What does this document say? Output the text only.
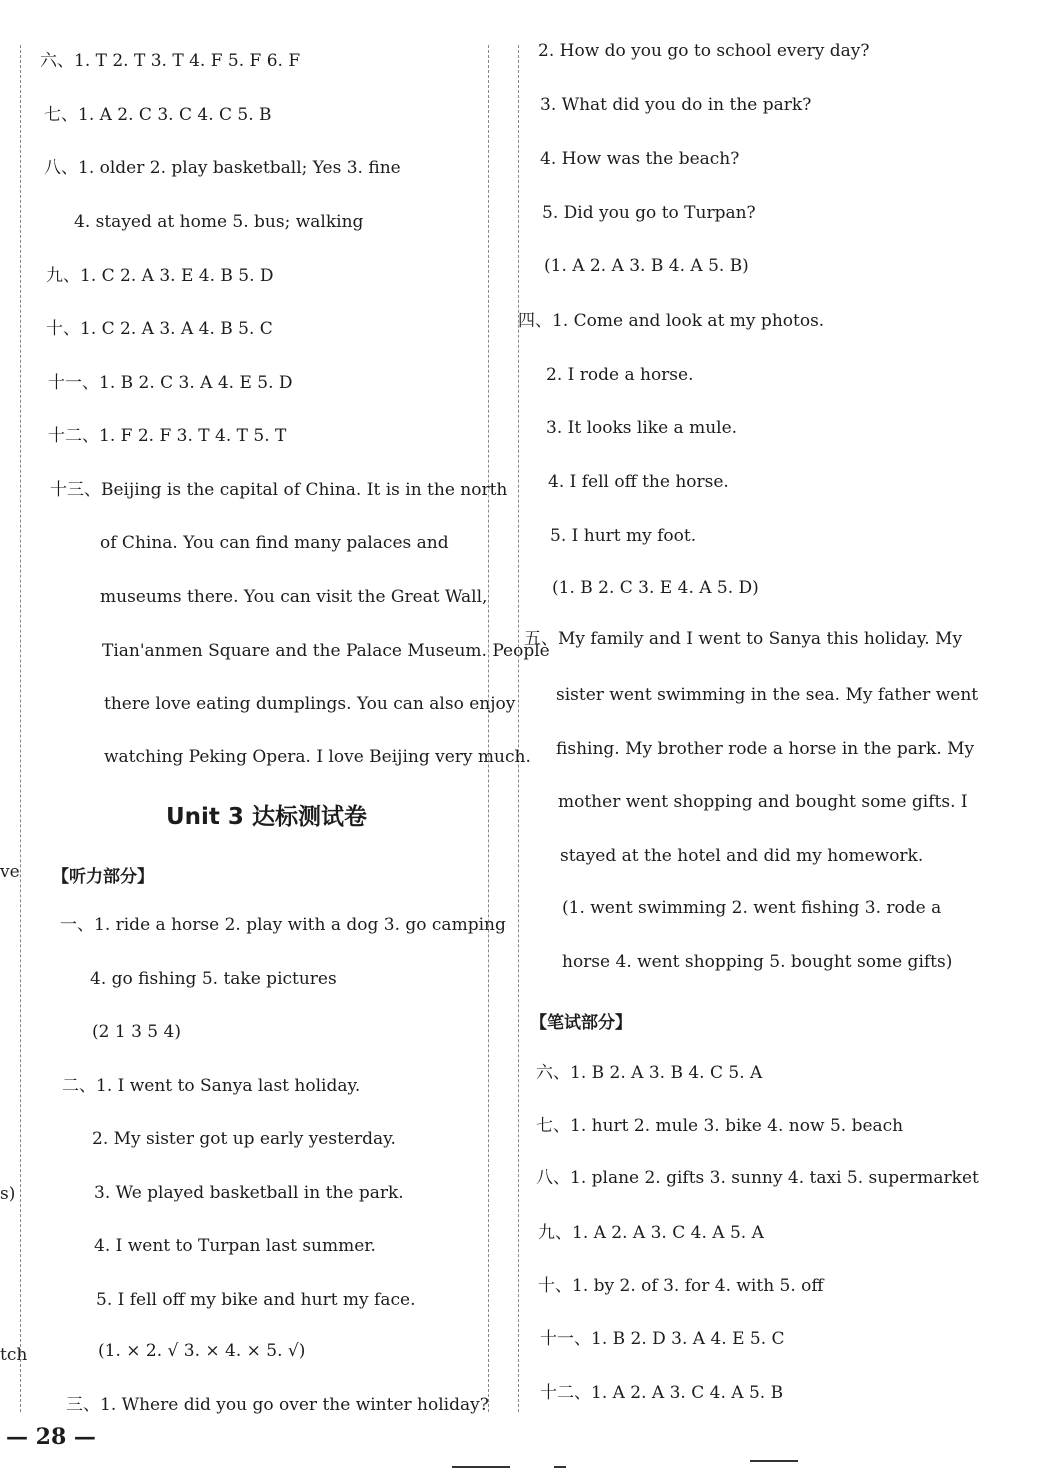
ve
s)
tch
六、1. T 2. T 3. T 4. F 5. F 6. F
七、1. A 2. C 3. C 4. C 5. B
八、1. older 2. play basketball; Yes 3. fine
4. stayed at home 5. bus; walking
九、1. C 2. A 3. E 4. B 5. D
十、1. C 2. A 3. A 4. B 5. C
十一、1. B 2. C 3. A 4. E 5. D
十二、1. F 2. F 3. T 4. T 5. T
十三、Beijing is the capital of China. It is in the north
of China. You can find many palaces and
museums there. You can visit the Great Wall,
Tian'anmen Square and the Palace Museum. People
there love eating dumplings. You can also enjoy
watching Peking Opera. I love Beijing very much.
Unit 3 达标测试卷
【听力部分】
一、1. ride a horse 2. play with a dog 3. go camping
4. go fishing 5. take pictures
(2 1 3 5 4)
二、1. I went to Sanya last holiday.
2. My sister got up early yesterday.
3. We played basketball in the park.
4. I went to Turpan last summer.
5. I fell off my bike and hurt my face.
(1. × 2. √ 3. × 4. × 5. √)
三、1. Where did you go over the winter holiday?
2. How do you go to school every day?
3. What did you do in the park?
4. How was the beach?
5. Did you go to Turpan?
(1. A 2. A 3. B 4. A 5. B)
四、1. Come and look at my photos.
2. I rode a horse.
3. It looks like a mule.
4. I fell off the horse.
5. I hurt my foot.
(1. B 2. C 3. E 4. A 5. D)
五、My family and I went to Sanya this holiday. My
sister went swimming in the sea. My father went
fishing. My brother rode a horse in the park. My
mother went shopping and bought some gifts. I
stayed at the hotel and did my homework.
(1. went swimming 2. went fishing 3. rode a
horse 4. went shopping 5. bought some gifts)
【笔试部分】
六、1. B 2. A 3. B 4. C 5. A
七、1. hurt 2. mule 3. bike 4. now 5. beach
八、1. plane 2. gifts 3. sunny 4. taxi 5. supermarket
九、1. A 2. A 3. C 4. A 5. A
十、1. by 2. of 3. for 4. with 5. off
十一、1. B 2. D 3. A 4. E 5. C
十二、1. A 2. A 3. C 4. A 5. B
— 28 —
